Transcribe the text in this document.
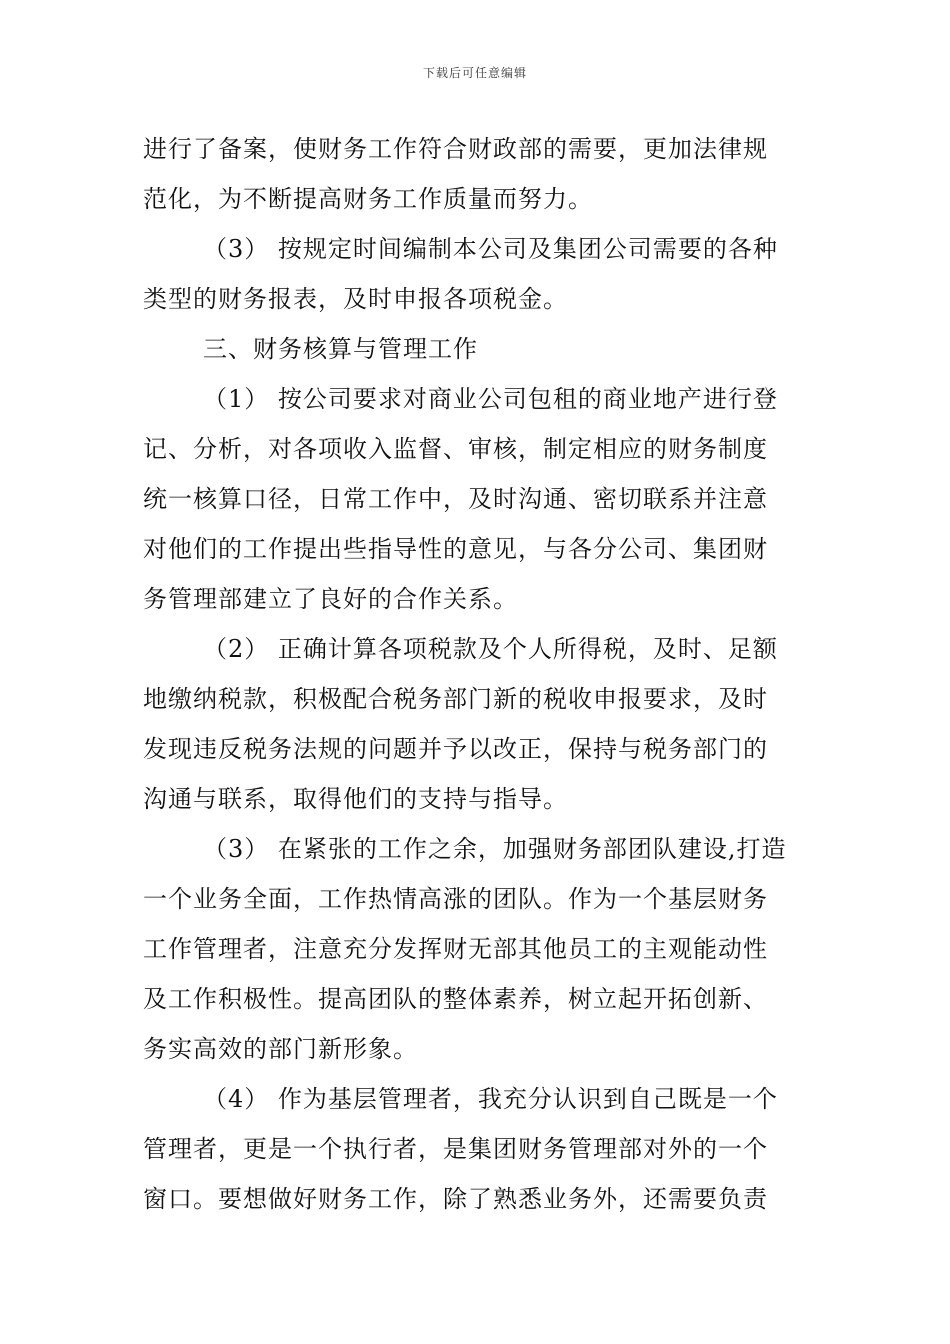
下载后可任意编辑
进行了备案，使财务工作符合财政部的需要，更加法律规
范化，为不断提高财务工作质量而努力。
（3） 按规定时间编制本公司及集团公司需要的各种
类型的财务报表，及时申报各项税金。
三、财务核算与管理工作
（1） 按公司要求对商业公司包租的商业地产进行登
记、分析，对各项收入监督、审核，制定相应的财务制度
统一核算口径，日常工作中，及时沟通、密切联系并注意
对他们的工作提出些指导性的意见，与各分公司、集团财
务管理部建立了良好的合作关系。
（2） 正确计算各项税款及个人所得税，及时、足额
地缴纳税款，积极配合税务部门新的税收申报要求，及时
发现违反税务法规的问题并予以改正，保持与税务部门的
沟通与联系，取得他们的支持与指导。
（3） 在紧张的工作之余，加强财务部团队建设,打造
一个业务全面，工作热情高涨的团队。作为一个基层财务
工作管理者，注意充分发挥财无部其他员工的主观能动性
及工作积极性。提高团队的整体素养，树立起开拓创新、
务实高效的部门新形象。
（4） 作为基层管理者，我充分认识到自己既是一个
管理者，更是一个执行者，是集团财务管理部对外的一个
窗口。要想做好财务工作，除了熟悉业务外，还需要负责
